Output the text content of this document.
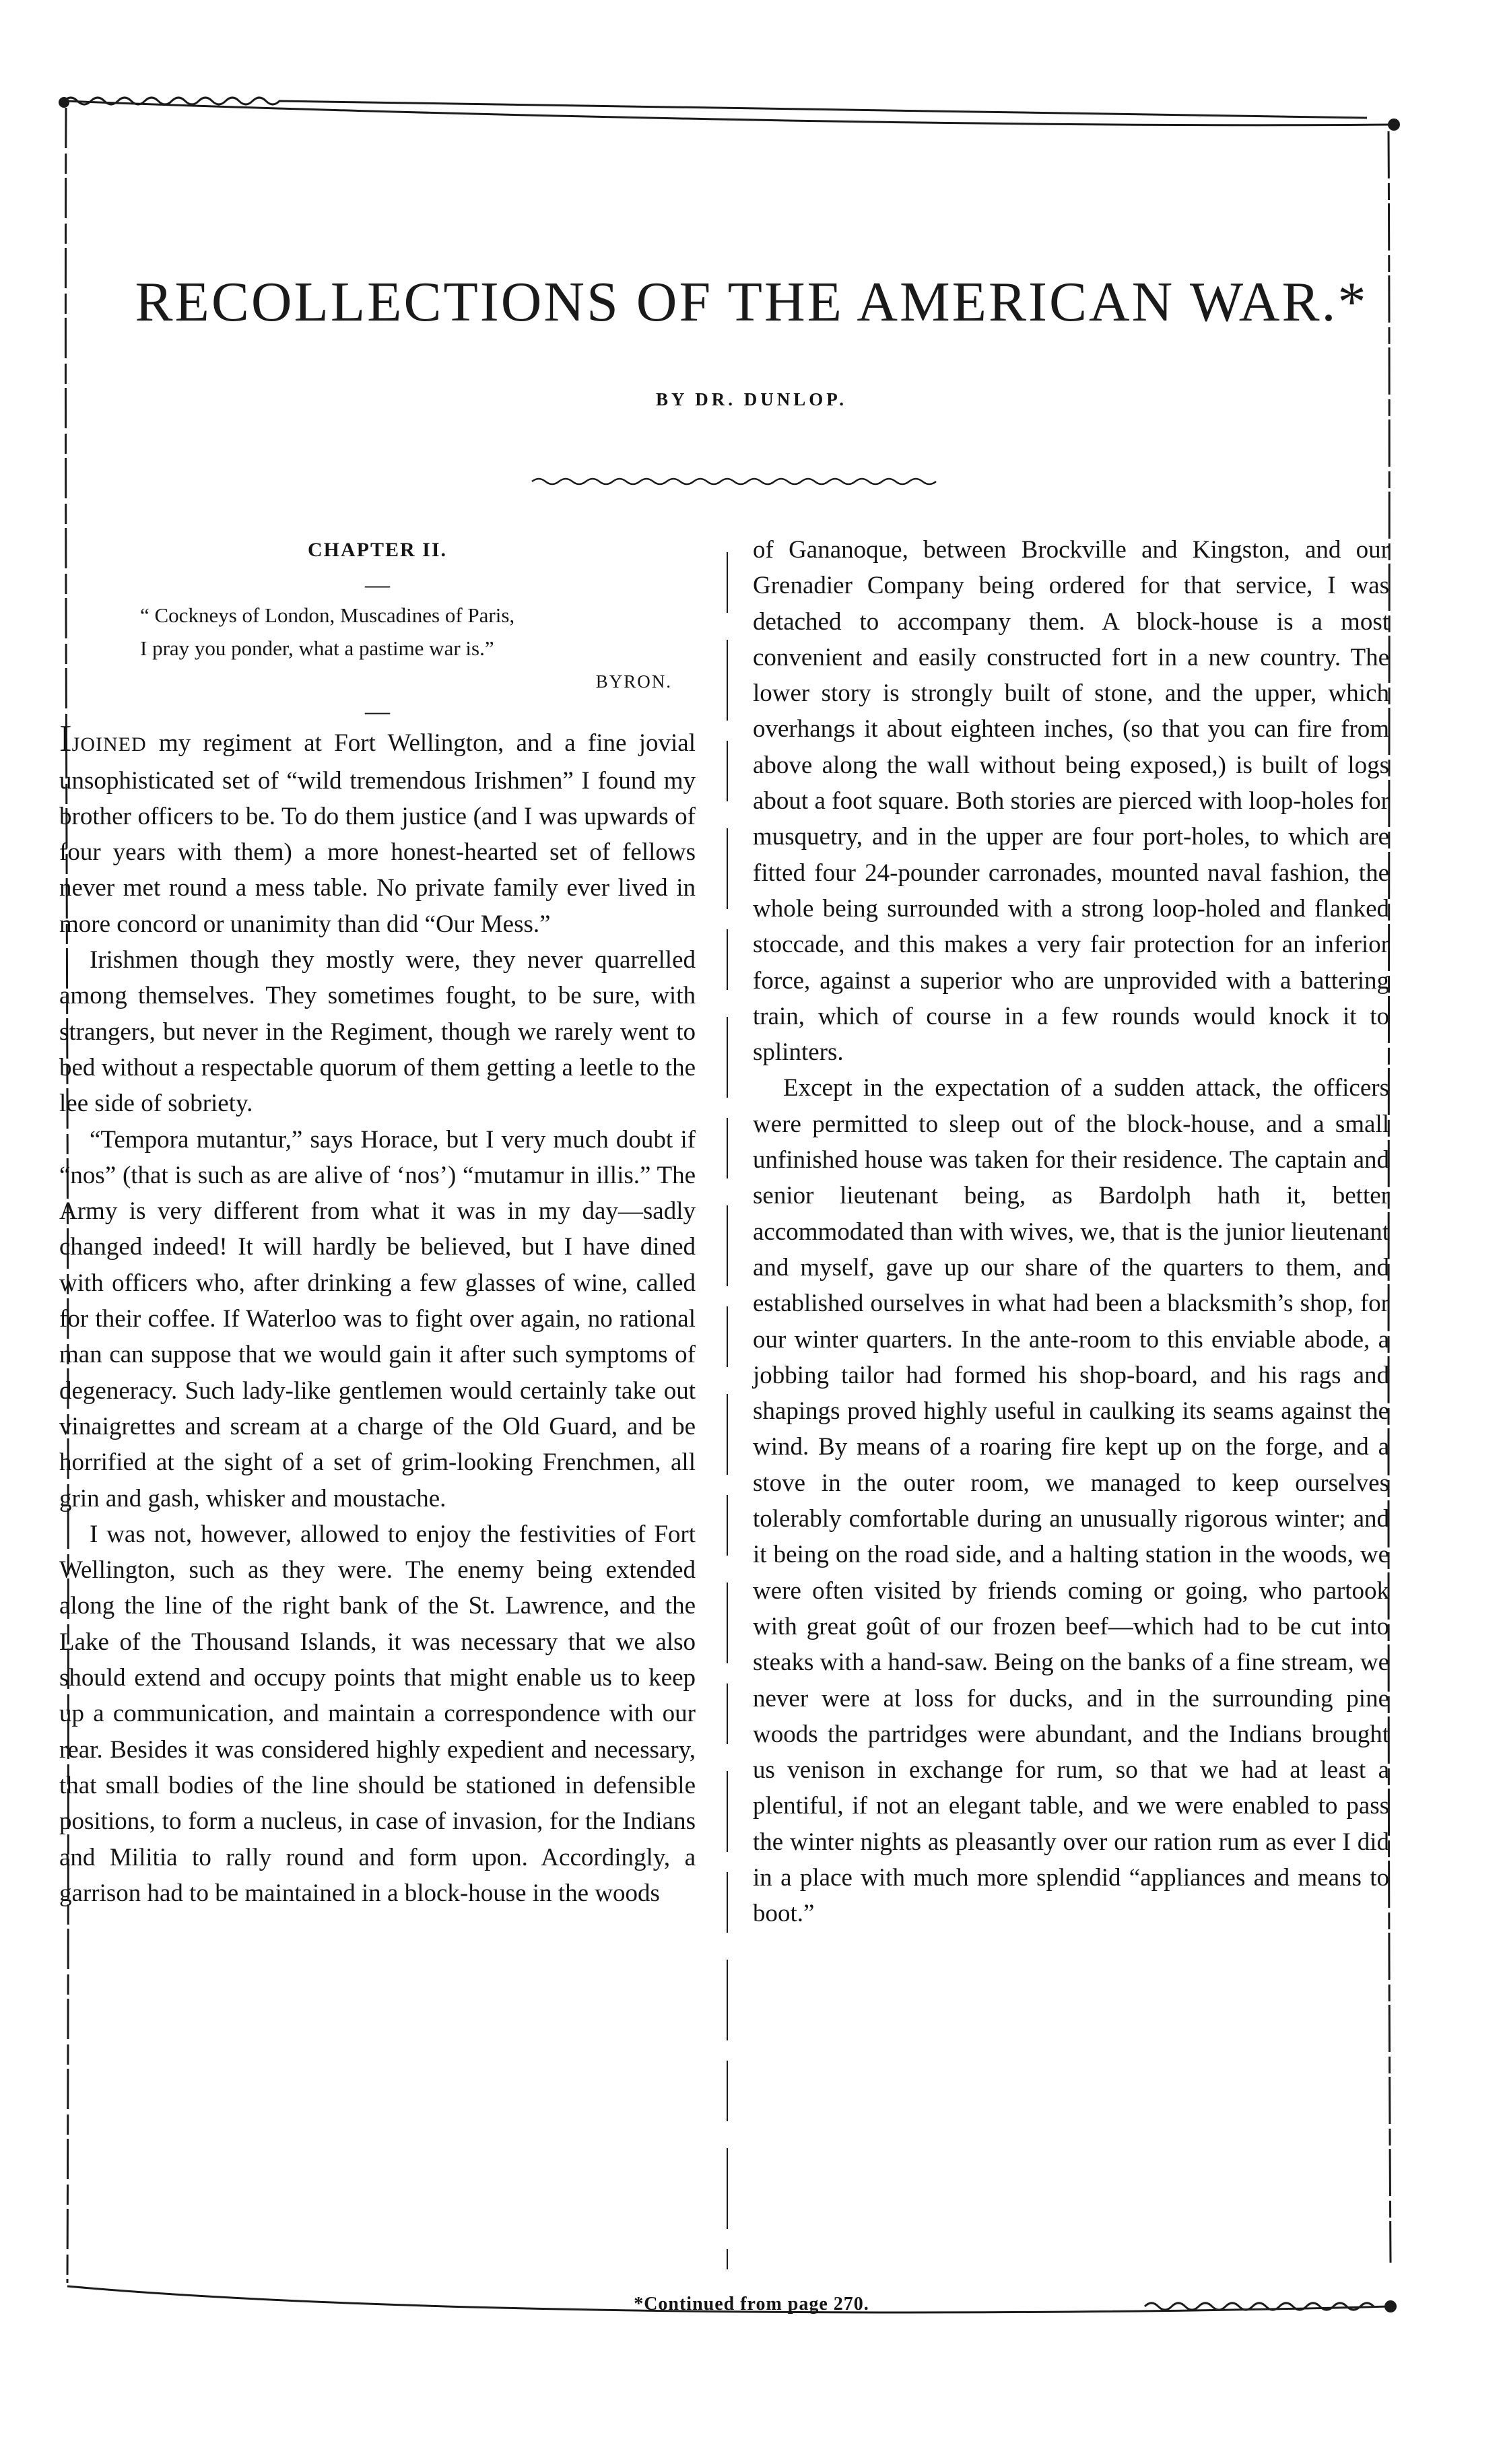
RECOLLECTIONS OF THE AMERICAN WAR.*
BY DR. DUNLOP.
CHAPTER II.
—
“ Cockneys of London, Muscadines of Paris,
I pray you ponder, what a pastime war is.”
BYRON.
—

IJOINED my regiment at Fort Wellington, and a fine jovial unsophisticated set of “wild tremendous Irishmen” I found my brother officers to be. To do them justice (and I was upwards of four years with them) a more honest-hearted set of fellows never met round a mess table. No private family ever lived in more concord or unanimity than did “Our Mess.”

Irishmen though they mostly were, they never quarrelled among themselves. They sometimes fought, to be sure, with strangers, but never in the Regiment, though we rarely went to bed without a respectable quorum of them getting a leetle to the lee side of sobriety.

“Tempora mutantur,” says Horace, but I very much doubt if “nos” (that is such as are alive of ‘nos’) “mutamur in illis.” The Army is very different from what it was in my day—sadly changed indeed! It will hardly be believed, but I have dined with officers who, after drinking a few glasses of wine, called for their coffee. If Waterloo was to fight over again, no rational man can suppose that we would gain it after such symptoms of degeneracy. Such lady-like gentlemen would certainly take out vinaigrettes and scream at a charge of the Old Guard, and be horrified at the sight of a set of grim-looking Frenchmen, all grin and gash, whisker and moustache.

I was not, however, allowed to enjoy the festivities of Fort Wellington, such as they were. The enemy being extended along the line of the right bank of the St. Lawrence, and the Lake of the Thousand Islands, it was necessary that we also should extend and occupy points that might enable us to keep up a communication, and maintain a correspondence with our rear. Besides it was considered highly expedient and necessary, that small bodies of the line should be stationed in defensible positions, to form a nucleus, in case of invasion, for the Indians and Militia to rally round and form upon. Accordingly, a garrison had to be maintained in a block-house in the woods

of Gananoque, between Brockville and Kingston, and our Grenadier Company being ordered for that service, I was detached to accompany them. A block-house is a most convenient and easily constructed fort in a new country. The lower story is strongly built of stone, and the upper, which overhangs it about eighteen inches, (so that you can fire from above along the wall without being exposed,) is built of logs about a foot square. Both stories are pierced with loop-holes for musquetry, and in the upper are four port-holes, to which are fitted four 24-pounder carronades, mounted naval fashion, the whole being surrounded with a strong loop-holed and flanked stoccade, and this makes a very fair protection for an inferior force, against a superior who are unprovided with a battering train, which of course in a few rounds would knock it to splinters.

Except in the expectation of a sudden attack, the officers were permitted to sleep out of the block-house, and a small unfinished house was taken for their residence. The captain and senior lieutenant being, as Bardolph hath it, better accommodated than with wives, we, that is the junior lieutenant and myself, gave up our share of the quarters to them, and established ourselves in what had been a blacksmith’s shop, for our winter quarters. In the ante-room to this enviable abode, a jobbing tailor had formed his shop-board, and his rags and shapings proved highly useful in caulking its seams against the wind. By means of a roaring fire kept up on the forge, and a stove in the outer room, we managed to keep ourselves tolerably comfortable during an unusually rigorous winter; and it being on the road side, and a halting station in the woods, we were often visited by friends coming or going, who partook with great goût of our frozen beef—which had to be cut into steaks with a hand-saw. Being on the banks of a fine stream, we never were at loss for ducks, and in the surrounding pine woods the partridges were abundant, and the Indians brought us venison in exchange for rum, so that we had at least a plentiful, if not an elegant table, and we were enabled to pass the winter nights as pleasantly over our ration rum as ever I did in a place with much more splendid “appliances and means to boot.”

*Continued from page 270.
